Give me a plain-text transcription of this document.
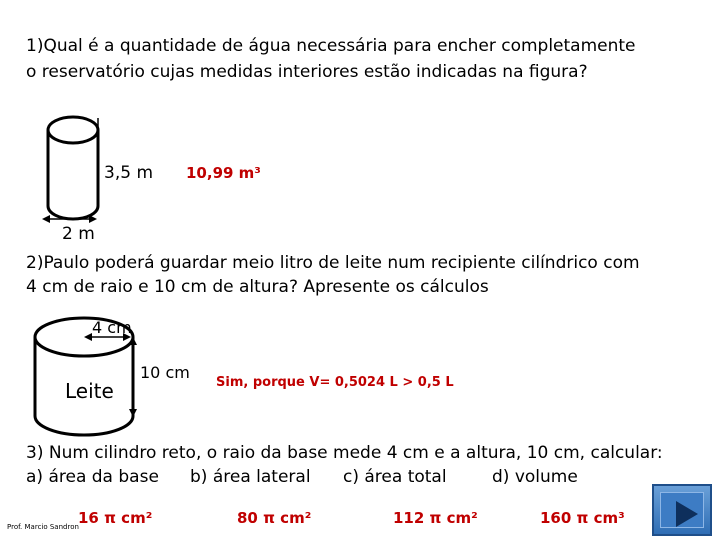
1)Qual é a quantidade de água necessária para encher completamente
o reservatório cujas medidas interiores estão indicadas na figura?
3,5 m 10,99 m³
2 m
2)Paulo poderá guardar meio litro de leite num recipiente cilíndrico com
4 cm de raio e 10 cm de altura? Apresente os cálculos
4 cm
Leite
10 cm
Sim, porque V= 0,5024 L > 0,5 L
3) Num cilindro reto, o raio da base mede 4 cm e a altura, 10 cm, calcular:
a) área da base b) área lateral c) área total	d) volume
16 π cm²	80 π cm²	112 π cm²	160 π cm³
Prof. Marcio Sandron
